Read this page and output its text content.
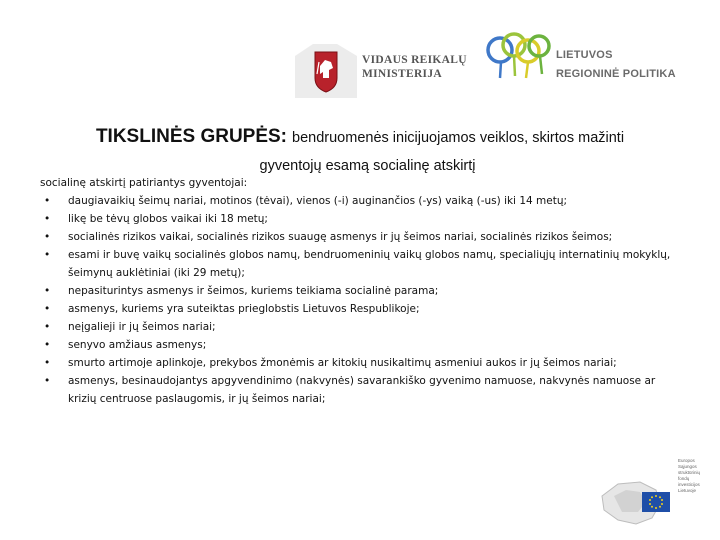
VIDAUS REIKALŲ
MINISTERIJA
LIETUVOS
REGIONINĖ POLITIKA
TIKSLINĖS GRUPĖS: bendruomenės inicijuojamos veiklos, skirtos mažinti
gyventojų esamą socialinę atskirtį
socialinę atskirtį patiriantys gyventojai:
• daugiavaikių šeimų nariai, motinos (tėvai), vienos (-i) auginančios (-ys) vaiką (-us) iki 14 metų;
• likę be tėvų globos vaikai iki 18 metų;
• socialinės rizikos vaikai, socialinės rizikos suaugę asmenys ir jų šeimos nariai, socialinės rizikos šeimos;
• esami ir buvę vaikų socialinės globos namų, bendruomeninių vaikų globos namų, specialiųjų internatinių mokyklų, šeimynų auklėtiniai (iki 29 metų);
• nepasiturintys asmenys ir šeimos, kuriems teikiama socialinė parama;
• asmenys, kuriems yra suteiktas prieglobstis Lietuvos Respublikoje;
• neįgalieji ir jų šeimos nariai;
• senyvo amžiaus asmenys;
• smurto artimoje aplinkoje, prekybos žmonėmis ar kitokių nusikaltimų asmeniui aukos ir jų šeimos nariai;
• asmenys, besinaudojantys apgyvendinimo (nakvynės) savarankiško gyvenimo namuose, nakvynės namuose ar krizių centruose paslaugomis, ir jų šeimos nariai;
Europos
Sąjungos
struktūrinių
fondų
investicijos
Lietuvoje
